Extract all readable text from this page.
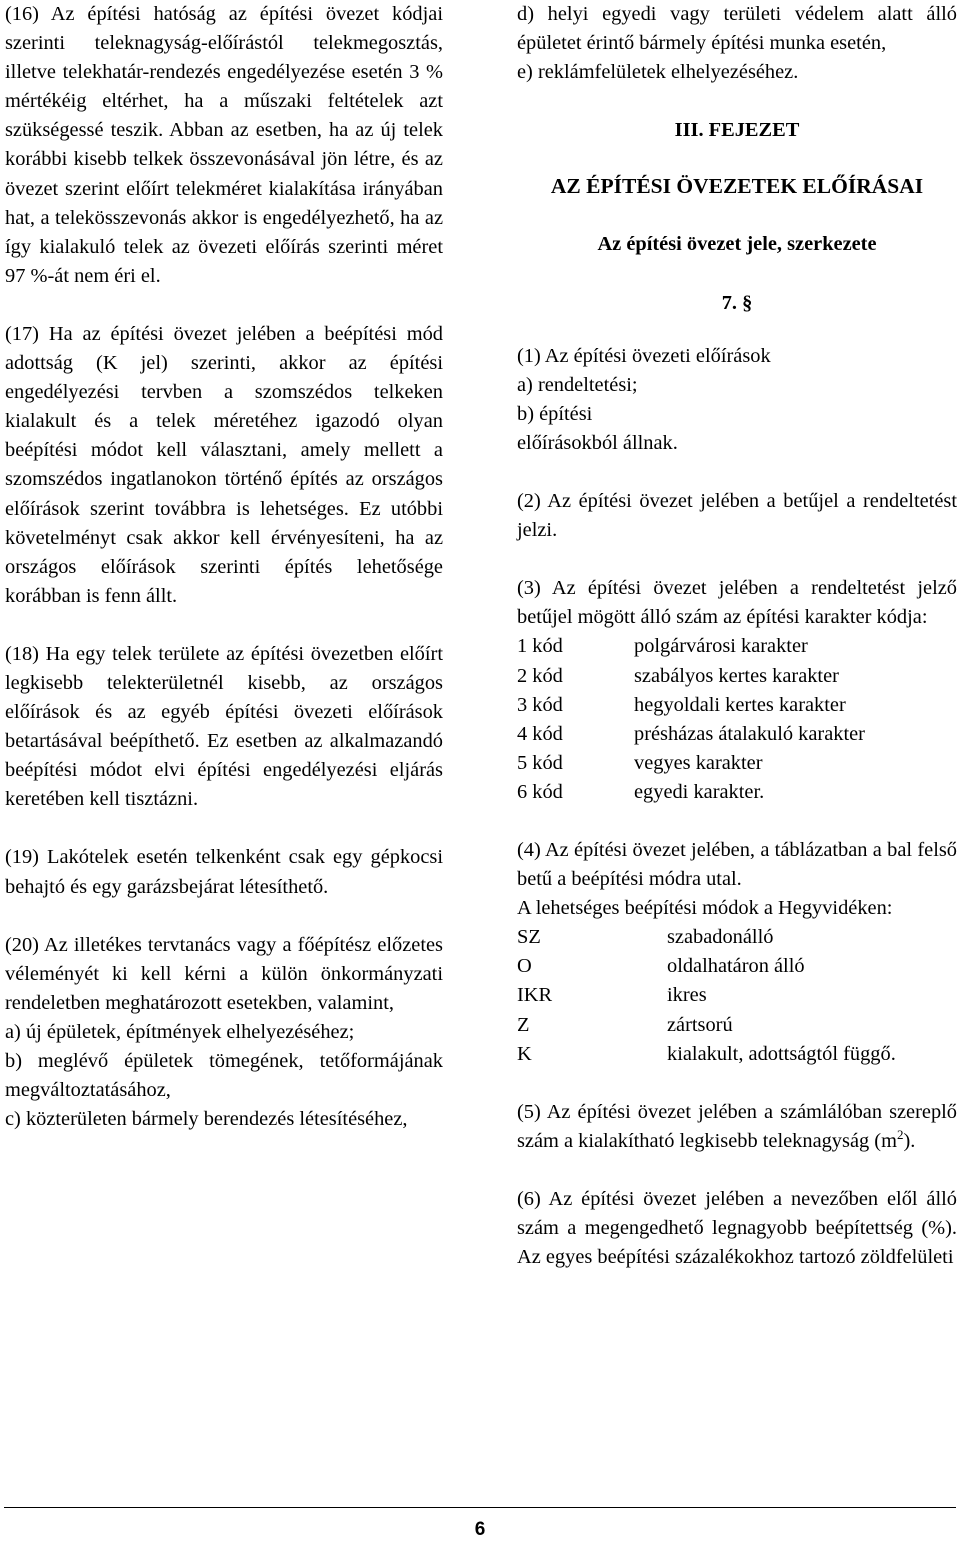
(16) Az építési hatóság az építési övezet kódjai szerinti teleknagyság-előírástól telekmegosztás, illetve telekhatár-rendezés engedélyezése esetén 3 % mértékéig eltérhet, ha a műszaki feltételek azt szükségessé teszik. Abban az esetben, ha az új telek korábbi kisebb telkek összevonásával jön létre, és az övezet szerint előírt telekméret kialakítása irányában hat, a telekösszevonás akkor is engedélyezhető, ha az így kialakuló telek az övezeti előírás szerinti méret 97 %-át nem éri el.

(17) Ha az építési övezet jelében a beépítési mód adottság (K jel) szerinti, akkor az építési engedélyezési tervben a szomszédos telkeken kialakult és a telek méretéhez igazodó olyan beépítési módot kell választani, amely mellett a szomszédos ingatlanokon történő építés az országos előírások szerint továbbra is lehetséges. Ez utóbbi követelményt csak akkor kell érvényesíteni, ha az országos előírások szerinti építés lehetősége korábban is fenn állt.

(18) Ha egy telek területe az építési övezetben előírt legkisebb telekterületnél kisebb, az országos előírások és az egyéb építési övezeti előírások betartásával beépíthető. Ez esetben az alkalmazandó beépítési módot elvi építési engedélyezési eljárás keretében kell tisztázni.

(19) Lakótelek esetén telkenként csak egy gépkocsi behajtó és egy garázsbejárat létesíthető.

(20) Az illetékes tervtanács vagy a főépítész előzetes véleményét ki kell kérni a külön önkormányzati rendeletben meghatározott esetekben, valamint,

a) új épületek, építmények elhelyezéséhez;

b) meglévő épületek tömegének, tetőformájának megváltoztatásához,

c) közterületen bármely berendezés létesítéséhez,

d) helyi egyedi vagy területi védelem alatt álló épületet érintő bármely építési munka esetén,

e) reklámfelületek elhelyezéséhez.

III. FEJEZET

AZ ÉPÍTÉSI ÖVEZETEK ELŐÍRÁSAI

Az építési övezet jele, szerkezete

7. §

(1) Az építési övezeti előírások

a) rendeltetési;

b) építési

előírásokból állnak.

(2) Az építési övezet jelében a betűjel a rendeltetést jelzi.

(3) Az építési övezet jelében a rendeltetést jelző betűjel mögött álló szám az építési karakter kódja:

1 kód	polgárvárosi karakter
2 kód	szabályos kertes karakter
3 kód	hegyoldali kertes karakter
4 kód	présházas átalakuló karakter
5 kód	vegyes karakter
6 kód	egyedi karakter.

(4) Az építési övezet jelében, a táblázatban a bal felső betű a beépítési módra utal.

A lehetséges beépítési módok a Hegyvidéken:

SZ	szabadonálló
O	oldalhatáron álló
IKR	ikres
Z	zártsorú
K	kialakult, adottságtól függő.

(5) Az építési övezet jelében a számlálóban szereplő szám a kialakítható legkisebb teleknagyság $(m^2)$.

(6) Az építési övezet jelében a nevezőben elől álló szám a megengedhető legnagyobb beépítettség (%). Az egyes beépítési százalékokhoz tartozó zöldfelületi

6
